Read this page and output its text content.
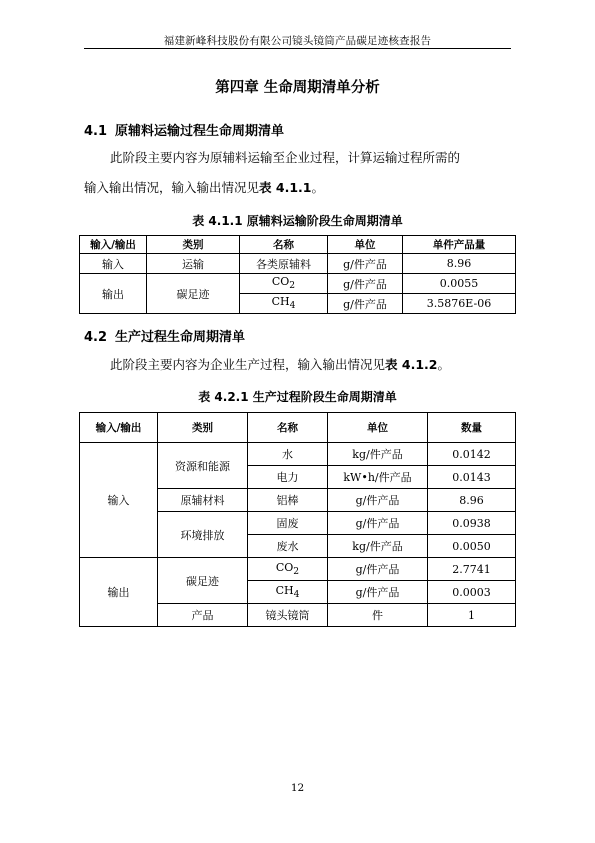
福建新峰科技股份有限公司镜头镜筒产品碳足迹核查报告
第四章 生命周期清单分析
4.1 原辅料运输过程生命周期清单
此阶段主要内容为原辅料运输至企业过程，计算运输过程所需的
输入输出情况，输入输出情况见表 4.1.1。
表 4.1.1 原辅料运输阶段生命周期清单
输入/输出	类别	名称	单位	单件产品量
输入	运输	各类原辅料	g/件产品	8.96
输出	碳足迹	$CO_2$	g/件产品	0.0055
		$CH_4$	g/件产品	3.5876E-06
4.2 生产过程生命周期清单
此阶段主要内容为企业生产过程，输入输出情况见表 4.1.2。
表 4.2.1 生产过程阶段生命周期清单
输入/输出	类别	名称	单位	数量
输入	资源和能源	水	kg/件产品	0.0142
		电力	kW•h/件产品	0.0143
	原辅材料	铝棒	g/件产品	8.96
	环境排放	固废	g/件产品	0.0938
		废水	kg/件产品	0.0050
输出	碳足迹	$CO_2$	g/件产品	2.7741
		$CH_4$	g/件产品	0.0003
	产品	镜头镜筒	件	1
12
